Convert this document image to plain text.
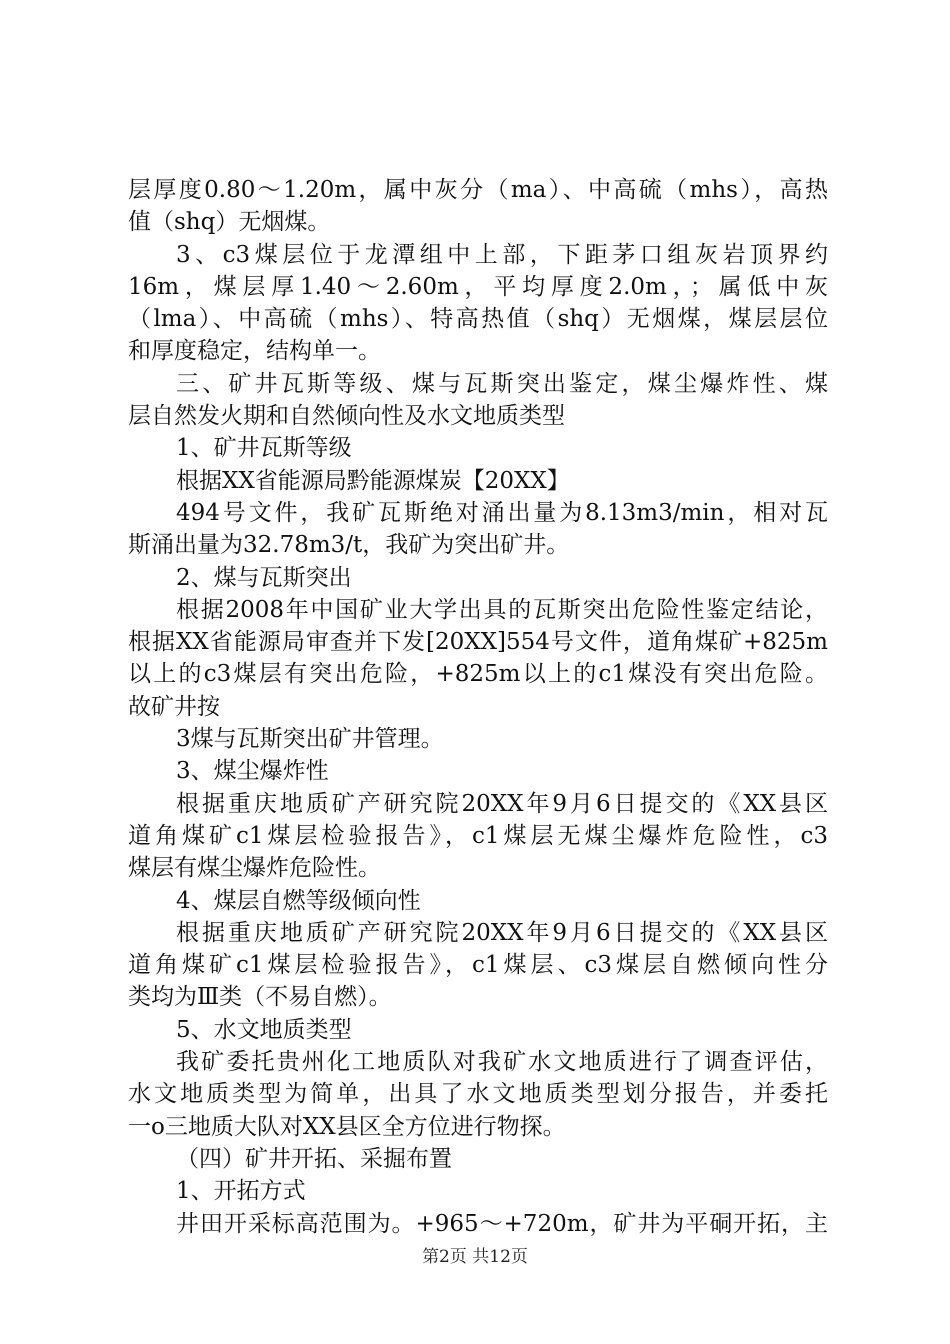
层厚度0.80～1.20m，属中灰分（ma）、中高硫（mhs），高热
值（shq）无烟煤。
3、c3煤层位于龙潭组中上部，下距茅口组灰岩顶界约
16m，煤层厚1.40～2.60m，平均厚度2.0m，；属低中灰
（lma）、中高硫（mhs）、特高热值（shq）无烟煤，煤层层位
和厚度稳定，结构单一。
三、矿井瓦斯等级、煤与瓦斯突出鉴定，煤尘爆炸性、煤
层自然发火期和自然倾向性及水文地质类型
1、矿井瓦斯等级
根据XX省能源局黔能源煤炭【20XX】
494号文件，我矿瓦斯绝对涌出量为8.13m3/min，相对瓦
斯涌出量为32.78m3/t，我矿为突出矿井。
2、煤与瓦斯突出
根据2008年中国矿业大学出具的瓦斯突出危险性鉴定结论，
根据XX省能源局审查并下发[20XX]554号文件，道角煤矿+825m
以上的c3煤层有突出危险，+825m以上的c1煤没有突出危险。
故矿井按
3煤与瓦斯突出矿井管理。
3、煤尘爆炸性
根据重庆地质矿产研究院20XX年9月6日提交的《XX县区
道角煤矿c1煤层检验报告》，c1煤层无煤尘爆炸危险性，c3
煤层有煤尘爆炸危险性。
4、煤层自燃等级倾向性
根据重庆地质矿产研究院20XX年9月6日提交的《XX县区
道角煤矿c1煤层检验报告》，c1煤层、c3煤层自燃倾向性分
类均为Ⅲ类（不易自燃）。
5、水文地质类型
我矿委托贵州化工地质队对我矿水文地质进行了调查评估，
水文地质类型为简单，出具了水文地质类型划分报告，并委托
一o三地质大队对XX县区全方位进行物探。
（四）矿井开拓、采掘布置
1、开拓方式
井田开采标高范围为。+965～+720m，矿井为平硐开拓，主
第2页 共12页
